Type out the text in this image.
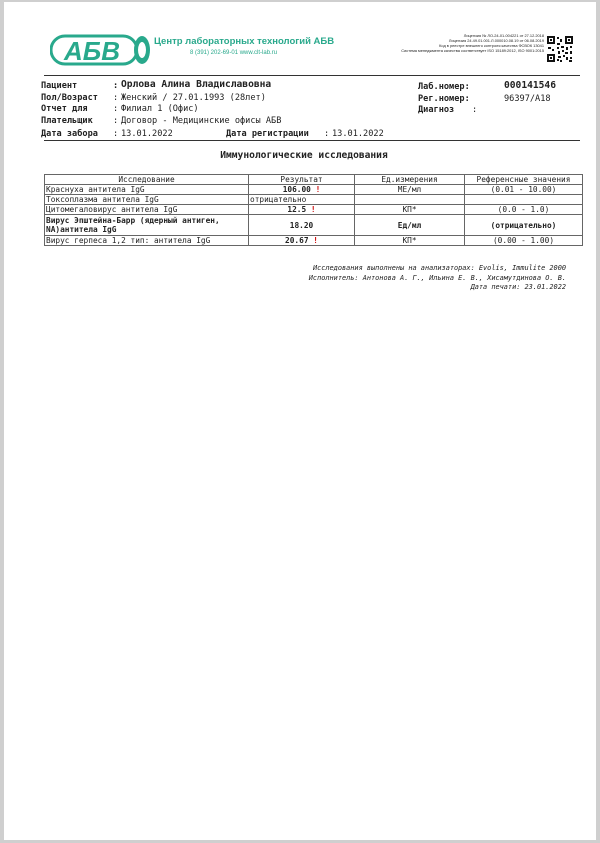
АБВ	Центр лабораторных технологий АБВ
8 (391) 202-69-01 www.clt-lab.ru
Лицензия № ЛО-24-01-004221 от 27.12.2018
Лицензия 24.49.01.001.Л.000010.08.19 от 06.08.2019
Код в реестре внешнего контроля качества ФСВОК 13041
Система менеджмента качества соответствует ISO 15189:2012, ISO 9001:2015
Пациент	: Орлова Алина Владиславовна
Пол/Возраст : Женский / 27.01.1993 (28лет)
Отчет для	: Филиал 1 (Офис)
Плательщик : Договор - Медицинские офисы АБВ
Дата забора : 13.01.2022	Дата регистрации : 13.01.2022
Лаб.номер:	000141546
Рег.номер:	96397/A18
Диагноз :
Иммунологические исследования
Исследование	Результат	Ед.измерения	Референсные значения
Краснуха антитела IgG	106.00 !	МЕ/мл	(0.01 - 10.00)
Токсоплазма антитела IgG	отрицательно		
Цитомегаловирус антитела IgG	12.5 !	КП*	(0.0 - 1.0)
Вирус Эпштейна-Барр (ядерный антиген, NA)антитела IgG	18.20	Ед/мл	(отрицательно)
Вирус герпеса 1,2 тип: антитела IgG	20.67 !	КП*	(0.00 - 1.00)
Исследования выполнены на анализаторах: Evolis, Immulite 2000
Исполнитель: Антонова А. Г., Ильина Е. В., Хисамутдинова О. В.
Дата печати: 23.01.2022
